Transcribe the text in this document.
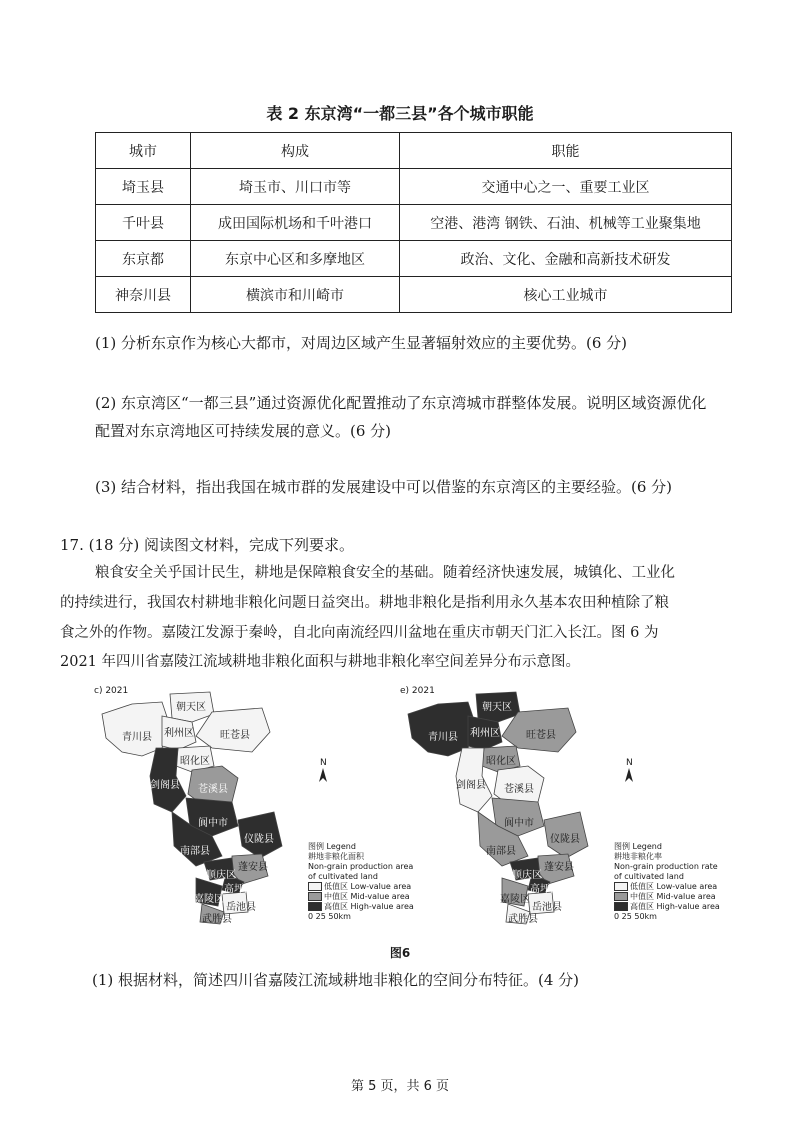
表 2 东京湾“一都三县”各个城市职能
城市	构成	职能
埼玉县	埼玉市、川口市等	交通中心之一、重要工业区
千叶县	成田国际机场和千叶港口	空港、港湾 钢铁、石油、机械等工业聚集地
东京都	东京中心区和多摩地区	政治、文化、金融和高新技术研发
神奈川县	横滨市和川崎市	核心工业城市
(1) 分析东京作为核心大都市，对周边区域产生显著辐射效应的主要优势。(6 分)
(2) 东京湾区“一都三县”通过资源优化配置推动了东京湾城市群整体发展。说明区域资源优化
配置对东京湾地区可持续发展的意义。(6 分)
(3) 结合材料，指出我国在城市群的发展建设中可以借鉴的东京湾区的主要经验。(6 分)
17. (18 分) 阅读图文材料，完成下列要求。
粮食安全关乎国计民生，耕地是保障粮食安全的基础。随着经济快速发展，城镇化、工业化
的持续进行，我国农村耕地非粮化问题日益突出。耕地非粮化是指利用永久基本农田种植除了粮
食之外的作物。嘉陵江发源于秦岭，自北向南流经四川盆地在重庆市朝天门汇入长江。图 6 为
2021 年四川省嘉陵江流域耕地非粮化面积与耕地非粮化率空间差异分布示意图。
c) 2021
青川县
朝天区
利州区	旺苍县
昭化区
剑阁县 苍溪县
阆中市
仪陇县
南部县
蓬安县
顺庆区
高坪区
嘉陵区
岳池县
武胜县
N
图例 Legend
耕地非粮化面积
Non-grain production area
of cultivated land
低值区 Low-value area
中值区 Mid-value area
高值区 High-value area
0 25 50km
e) 2021
青川县
朝天区
利州区	旺苍县
昭化区
剑阁县 苍溪县
阆中市
仪陇县
南部县
蓬安县
顺庆区
高坪区
嘉陵区
岳池县
武胜县
N
图例 Legend
耕地非粮化率
Non-grain production rate
of cultivated land
低值区 Low-value area
中值区 Mid-value area
高值区 High-value area
0 25 50km
图6
(1) 根据材料，简述四川省嘉陵江流域耕地非粮化的空间分布特征。(4 分)
第 5 页，共 6 页
